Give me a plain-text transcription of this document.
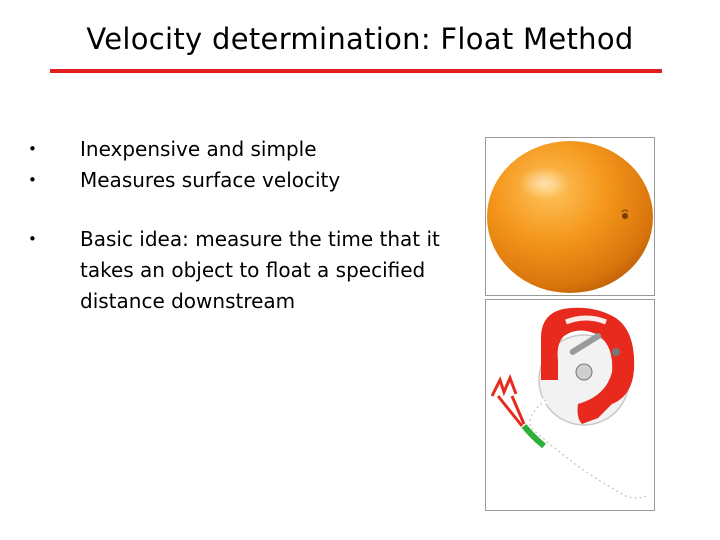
Velocity determination: Float Method
• Inexpensive and simple
• Measures surface velocity
• Basic idea: measure the time that it takes an object to float a specified distance downstream
